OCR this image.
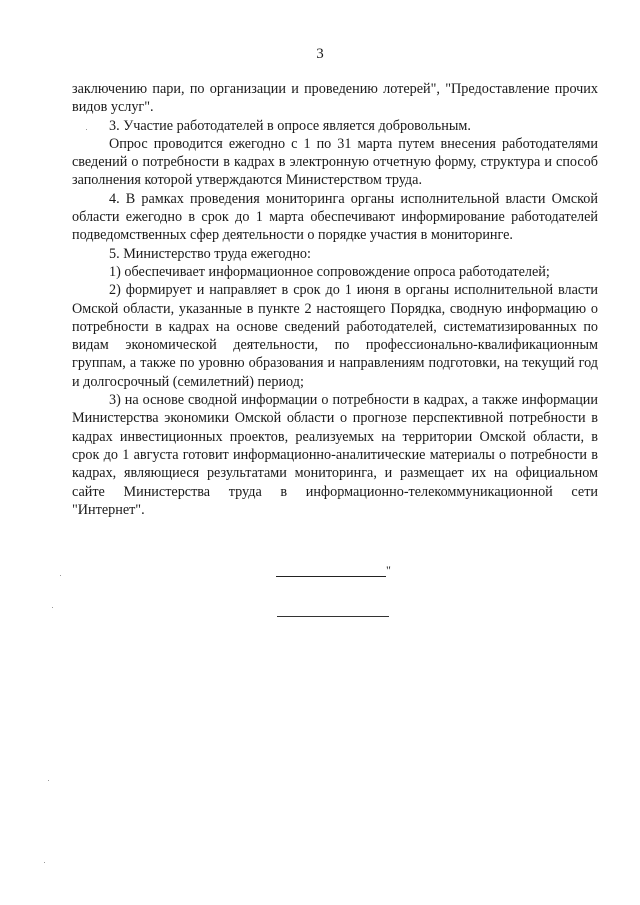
3

заключению пари, по организации и проведению лотерей", "Предоставление прочих видов услуг".

3. Участие работодателей в опросе является добровольным.

Опрос проводится ежегодно с 1 по 31 марта путем внесения работодателями сведений о потребности в кадрах в электронную отчетную форму, структура и способ заполнения которой утверждаются Министерством труда.

4. В рамках проведения мониторинга органы исполнительной власти Омской области ежегодно в срок до 1 марта обеспечивают информирование работодателей подведомственных сфер деятельности о порядке участия в мониторинге.

5. Министерство труда ежегодно:

1) обеспечивает информационное сопровождение опроса работодателей;

2) формирует и направляет в срок до 1 июня в органы исполнительной власти Омской области, указанные в пункте 2 настоящего Порядка, сводную информацию о потребности в кадрах на основе сведений работодателей, систематизированных по видам экономической деятельности, по профессионально-квалификационным группам, а также по уровню образования и направлениям подготовки, на текущий год и долгосрочный (семилетний) период;

3) на основе сводной информации о потребности в кадрах, а также информации Министерства экономики Омской области о прогнозе перспективной потребности в кадрах инвестиционных проектов, реализуемых на территории Омской области, в срок до 1 августа готовит информационно-аналитические материалы о потребности в кадрах, являющиеся результатами мониторинга, и размещает их на официальном сайте Министерства труда в информационно-телекоммуникационной сети "Интернет".

"
